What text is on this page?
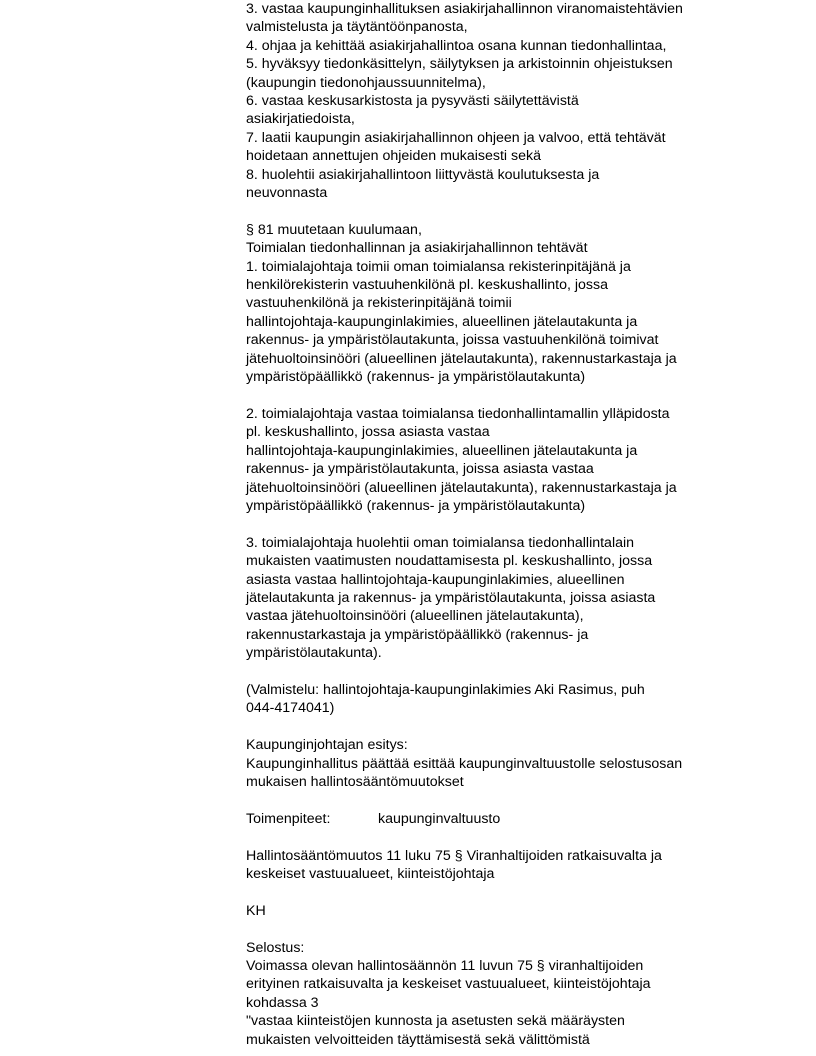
3. vastaa kaupunginhallituksen asiakirjahallinnon viranomaistehtävien
valmistelusta ja täytäntöönpanosta,
4. ohjaa ja kehittää asiakirjahallintoa osana kunnan tiedonhallintaa,
5. hyväksyy tiedonkäsittelyn, säilytyksen ja arkistoinnin ohjeistuksen
(kaupungin tiedonohjaussuunnitelma),
6. vastaa keskusarkistosta ja pysyvästi säilytettävistä
asiakirjatiedoista,
7. laatii kaupungin asiakirjahallinnon ohjeen ja valvoo, että tehtävät
hoidetaan annettujen ohjeiden mukaisesti sekä
8. huolehtii asiakirjahallintoon liittyvästä koulutuksesta ja
neuvonnasta
§ 81 muutetaan kuulumaan,
Toimialan tiedonhallinnan ja asiakirjahallinnon tehtävät
1. toimialajohtaja toimii oman toimialansa rekisterinpitäjänä ja
henkilörekisterin vastuuhenkilönä pl. keskushallinto, jossa
vastuuhenkilönä ja rekisterinpitäjänä toimii
hallintojohtaja-kaupunginlakimies, alueellinen jätelautakunta ja
rakennus- ja ympäristölautakunta, joissa vastuuhenkilönä toimivat
jätehuoltoinsinööri (alueellinen jätelautakunta), rakennustarkastaja ja
ympäristöpäällikkö (rakennus- ja ympäristölautakunta)
2. toimialajohtaja vastaa toimialansa tiedonhallintamallin ylläpidosta
pl. keskushallinto, jossa asiasta vastaa
hallintojohtaja-kaupunginlakimies, alueellinen jätelautakunta ja
rakennus- ja ympäristölautakunta, joissa asiasta vastaa
jätehuoltoinsinööri (alueellinen jätelautakunta), rakennustarkastaja ja
ympäristöpäällikkö (rakennus- ja ympäristölautakunta)
3. toimialajohtaja huolehtii oman toimialansa tiedonhallintalain
mukaisten vaatimusten noudattamisesta pl. keskushallinto, jossa
asiasta vastaa hallintojohtaja-kaupunginlakimies, alueellinen
jätelautakunta ja rakennus- ja ympäristölautakunta, joissa asiasta
vastaa jätehuoltoinsinööri (alueellinen jätelautakunta),
rakennustarkastaja ja ympäristöpäällikkö (rakennus- ja
ympäristölautakunta).
(Valmistelu: hallintojohtaja-kaupunginlakimies Aki Rasimus, puh
044-4174041)
Kaupunginjohtajan esitys:
Kaupunginhallitus päättää esittää kaupunginvaltuustolle selostusosan
mukaisen hallintosääntömuutokset
Toimenpiteet:	kaupunginvaltuusto
Hallintosääntömuutos 11 luku 75 § Viranhaltijoiden ratkaisuvalta ja
keskeiset vastuualueet, kiinteistöjohtaja
KH
Selostus:
Voimassa olevan hallintosäännön 11 luvun 75 § viranhaltijoiden
erityinen ratkaisuvalta ja keskeiset vastuualueet, kiinteistöjohtaja
kohdassa 3
"vastaa kiinteistöjen kunnosta ja asetusten sekä määräysten
mukaisten velvoitteiden täyttämisestä sekä välittömistä
